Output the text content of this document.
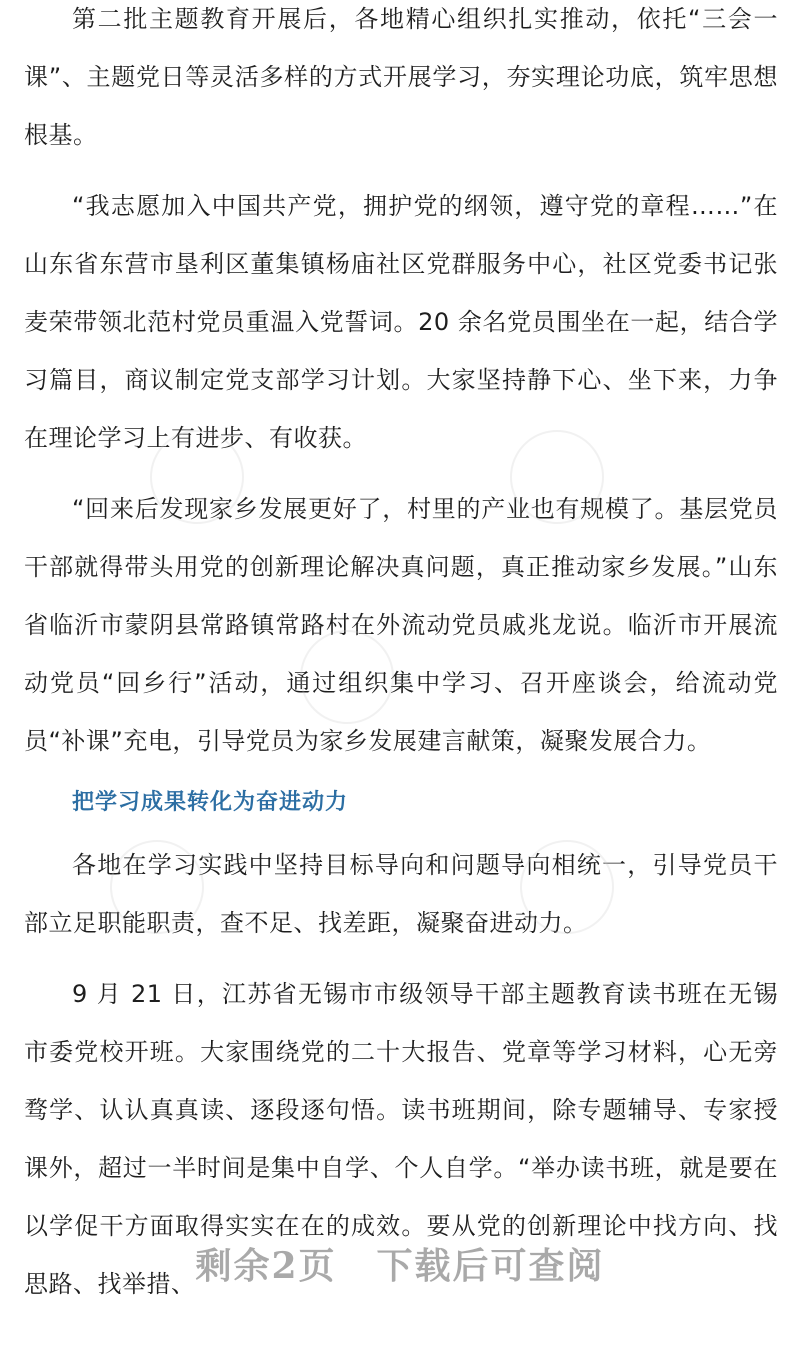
第二批主题教育开展后，各地精心组织扎实推动，依托“三会一课”、主题党日等灵活多样的方式开展学习，夯实理论功底，筑牢思想根基。

“我志愿加入中国共产党，拥护党的纲领，遵守党的章程……”在山东省东营市垦利区董集镇杨庙社区党群服务中心，社区党委书记张麦荣带领北范村党员重温入党誓词。20 余名党员围坐在一起，结合学习篇目，商议制定党支部学习计划。大家坚持静下心、坐下来，力争在理论学习上有进步、有收获。

“回来后发现家乡发展更好了，村里的产业也有规模了。基层党员干部就得带头用党的创新理论解决真问题，真正推动家乡发展。”山东省临沂市蒙阴县常路镇常路村在外流动党员戚兆龙说。临沂市开展流动党员“回乡行”活动，通过组织集中学习、召开座谈会，给流动党员“补课”充电，引导党员为家乡发展建言献策，凝聚发展合力。

把学习成果转化为奋进动力

各地在学习实践中坚持目标导向和问题导向相统一，引导党员干部立足职能职责，查不足、找差距，凝聚奋进动力。

9 月 21 日，江苏省无锡市市级领导干部主题教育读书班在无锡市委党校开班。大家围绕党的二十大报告、党章等学习材料，心无旁骛学、认认真真读、逐段逐句悟。读书班期间，除专题辅导、专家授课外，超过一半时间是集中自学、个人自学。“举办读书班，就是要在以学促干方面取得实实在在的成效。要从党的创新理论中找方向、找思路、找举措、 剩余2页 下载后可查阅
